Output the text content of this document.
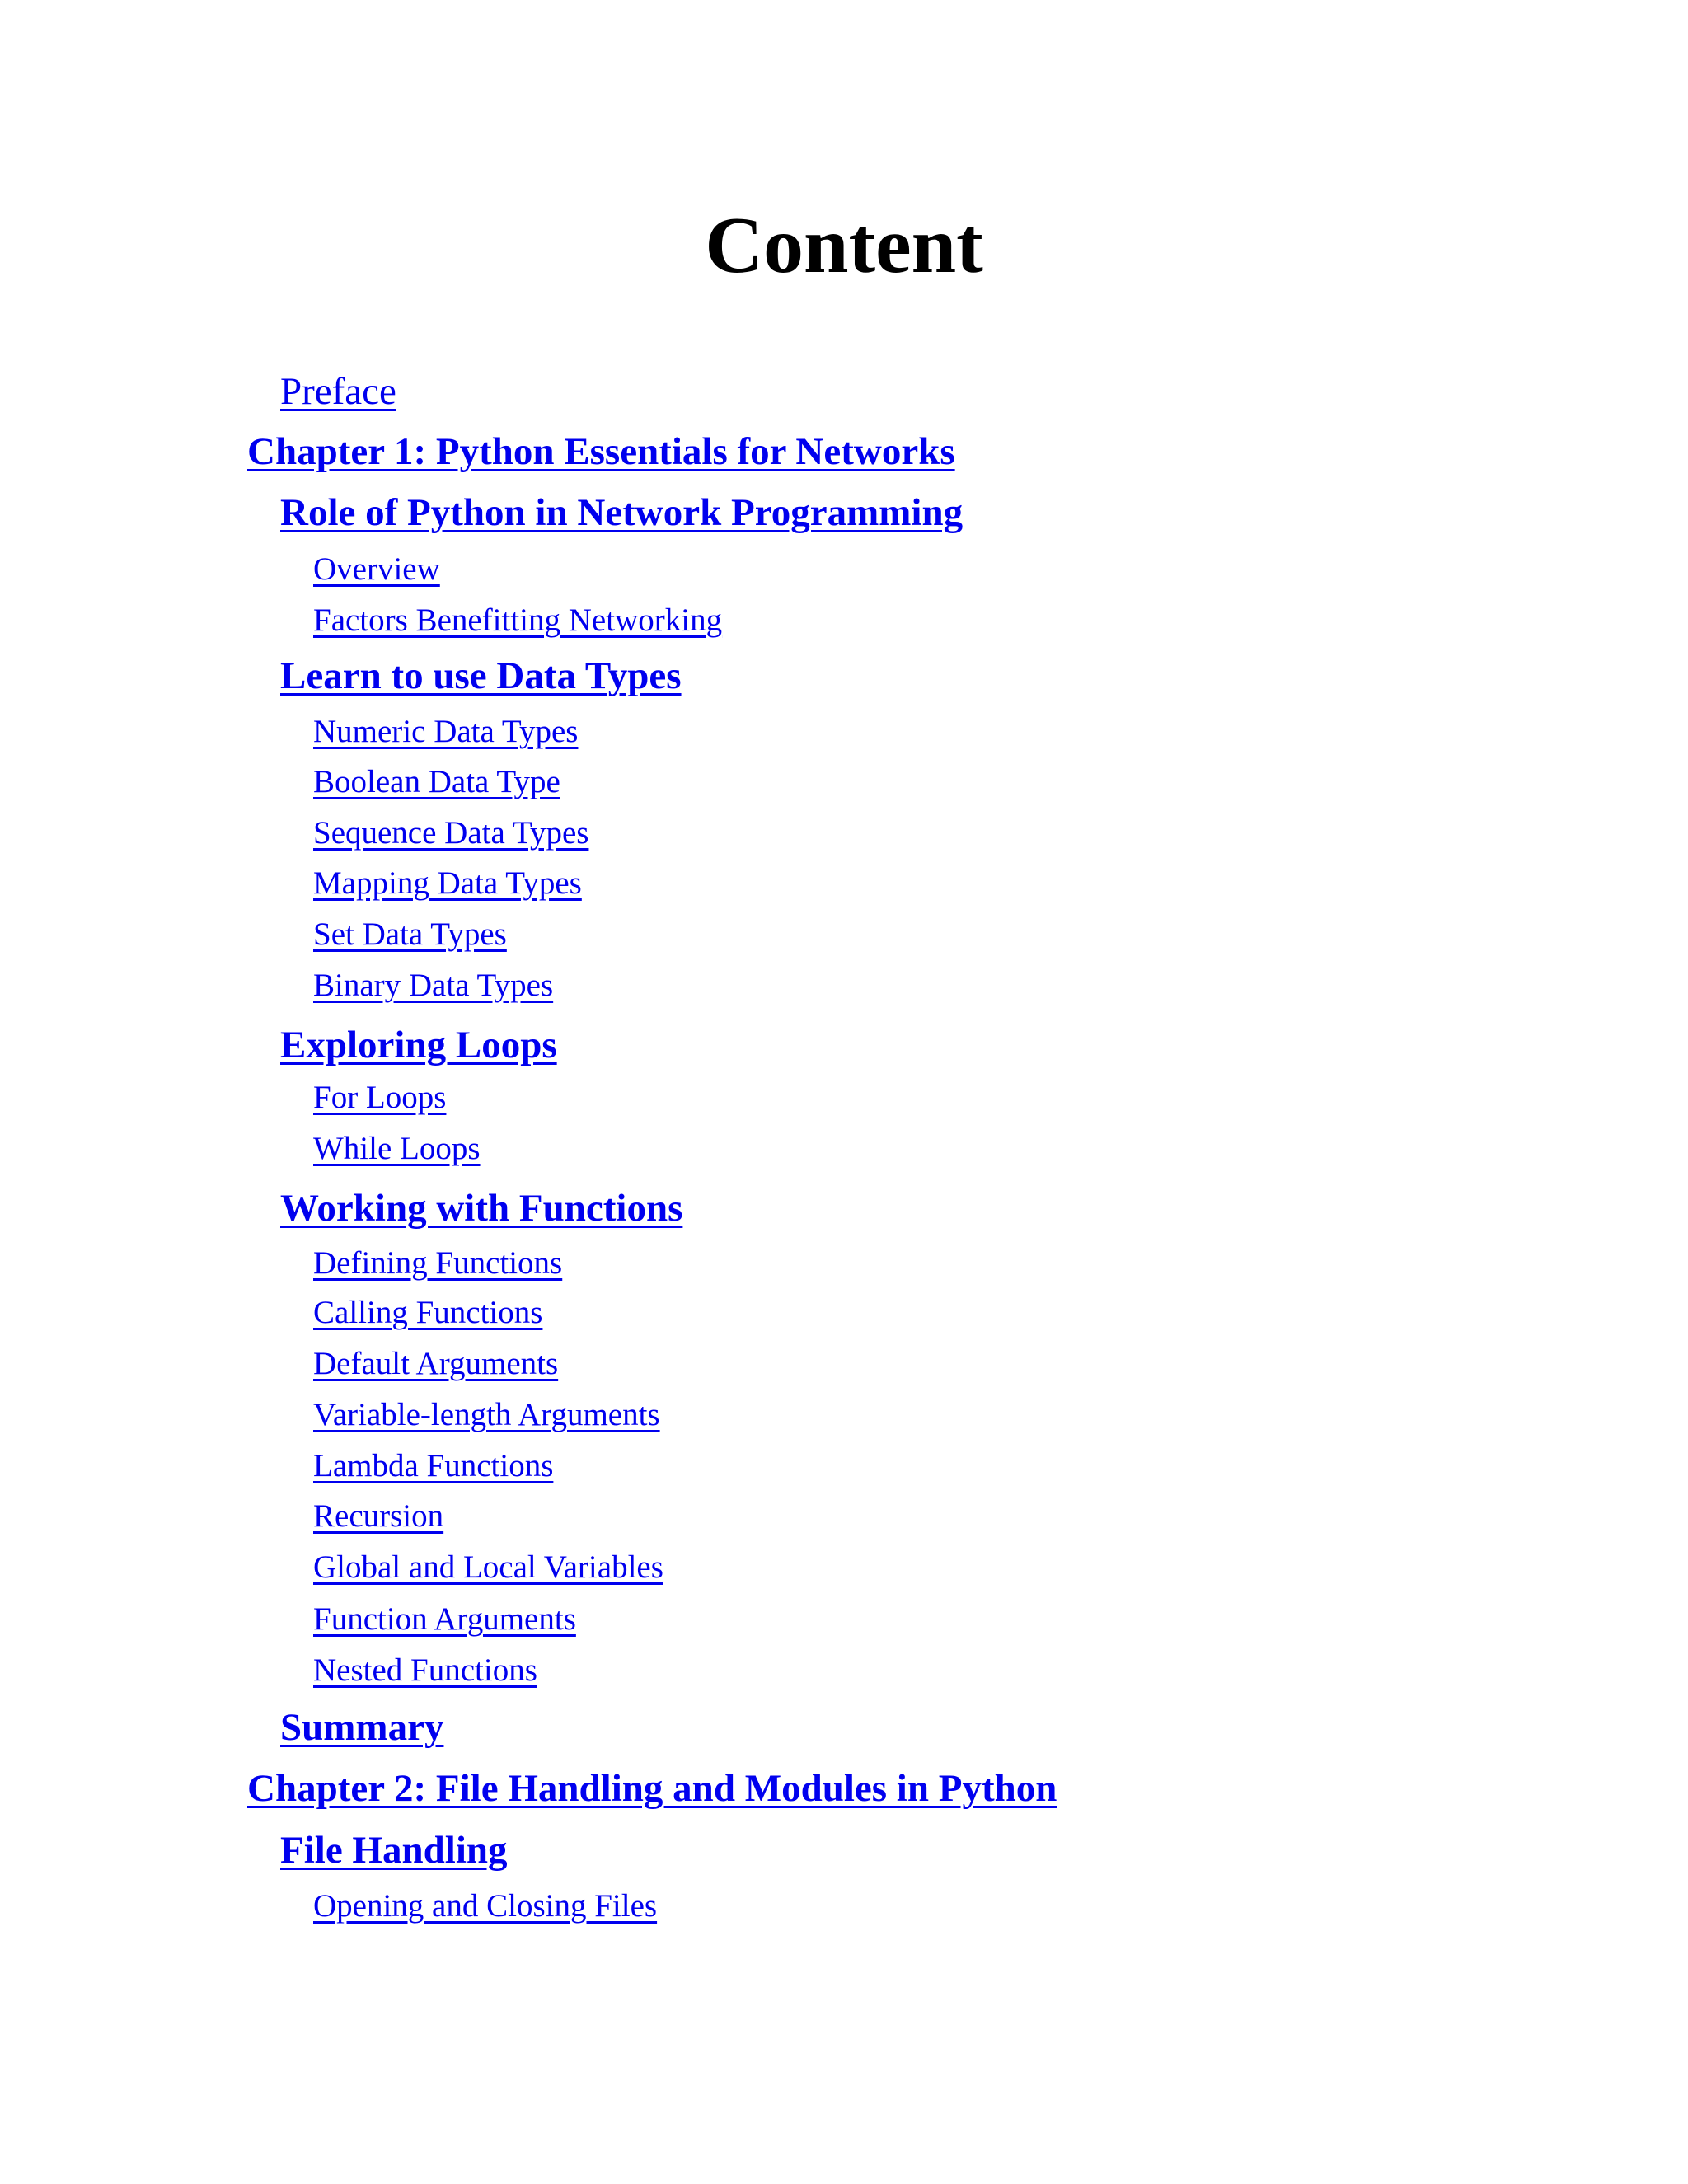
Content
Preface
Chapter 1: Python Essentials for Networks
Role of Python in Network Programming
Overview
Factors Benefitting Networking
Learn to use Data Types
Numeric Data Types
Boolean Data Type
Sequence Data Types
Mapping Data Types
Set Data Types
Binary Data Types
Exploring Loops
For Loops
While Loops
Working with Functions
Defining Functions
Calling Functions
Default Arguments
Variable-length Arguments
Lambda Functions
Recursion
Global and Local Variables
Function Arguments
Nested Functions
Summary
Chapter 2: File Handling and Modules in Python
File Handling
Opening and Closing Files
